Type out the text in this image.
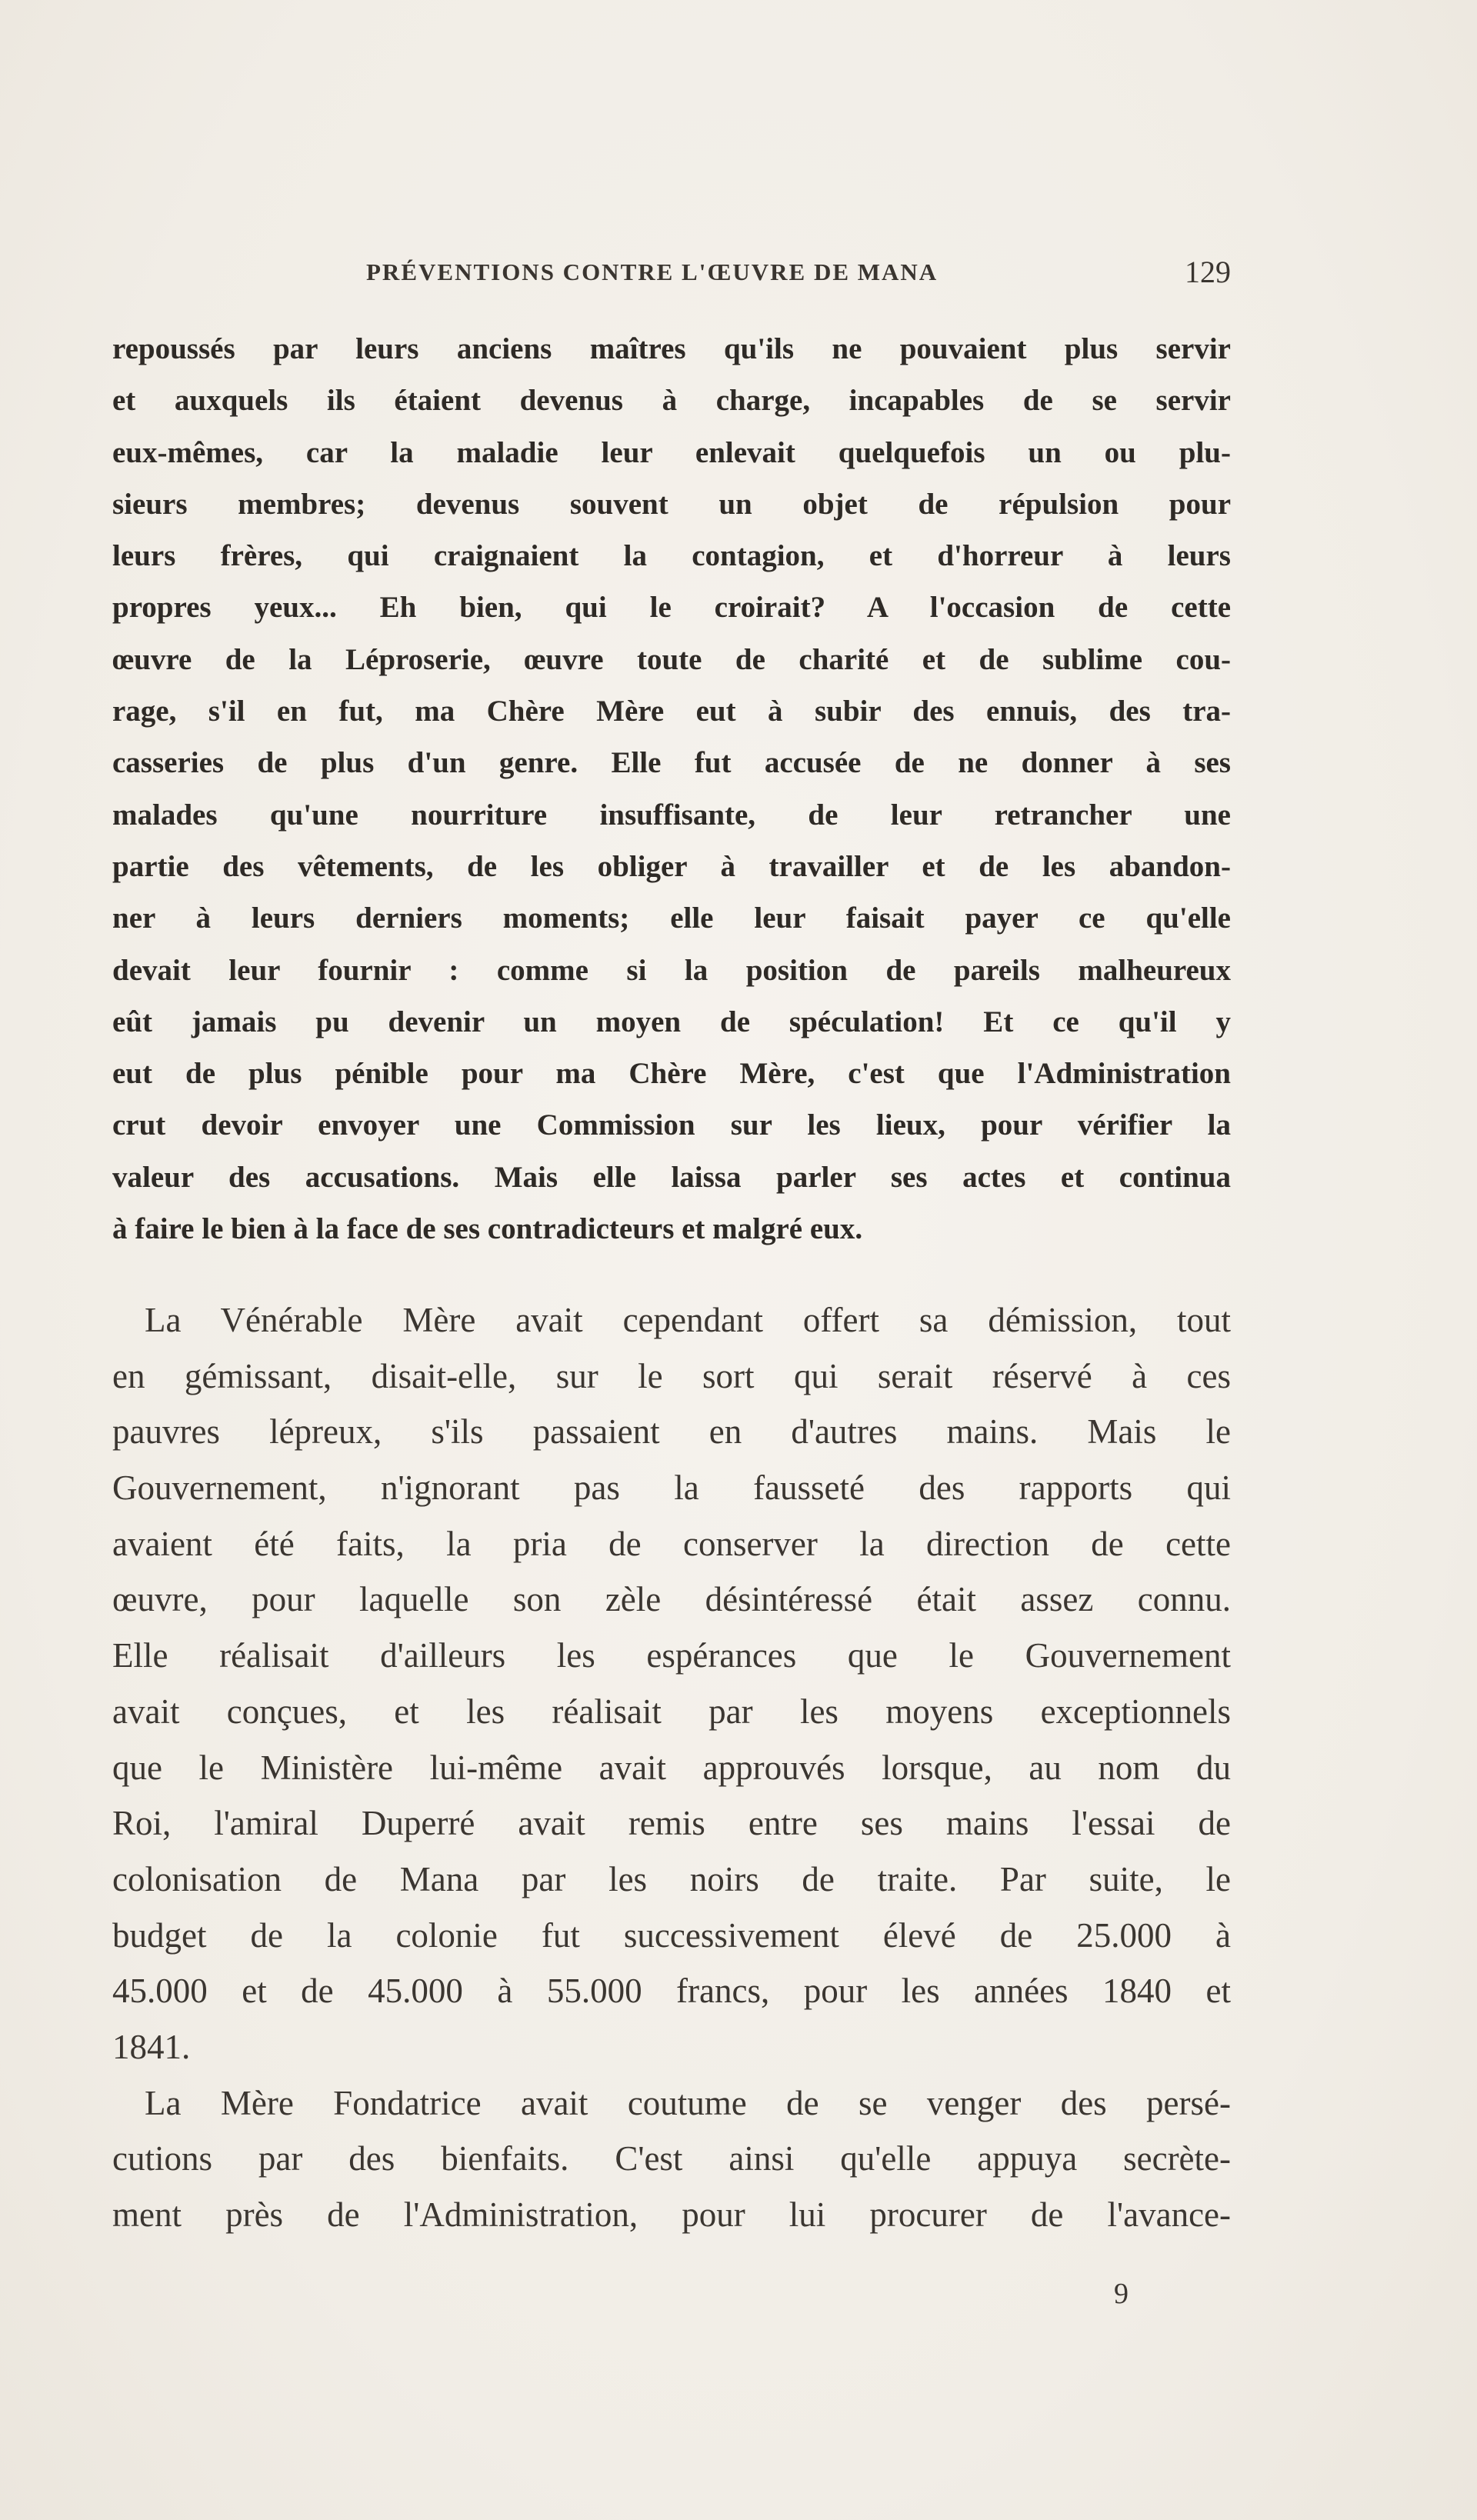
PRÉVENTIONS CONTRE L'ŒUVRE DE MANA	129
repoussés par leurs anciens maîtres qu'ils ne pouvaient plus servir
et auxquels ils étaient devenus à charge, incapables de se servir
eux-mêmes, car la maladie leur enlevait quelquefois un ou plu-
sieurs membres; devenus souvent un objet de répulsion pour
leurs frères, qui craignaient la contagion, et d'horreur à leurs
propres yeux... Eh bien, qui le croirait? A l'occasion de cette
œuvre de la Léproserie, œuvre toute de charité et de sublime cou-
rage, s'il en fut, ma Chère Mère eut à subir des ennuis, des tra-
casseries de plus d'un genre. Elle fut accusée de ne donner à ses
malades qu'une nourriture insuffisante, de leur retrancher une
partie des vêtements, de les obliger à travailler et de les abandon-
ner à leurs derniers moments; elle leur faisait payer ce qu'elle
devait leur fournir : comme si la position de pareils malheureux
eût jamais pu devenir un moyen de spéculation! Et ce qu'il y
eut de plus pénible pour ma Chère Mère, c'est que l'Administration
crut devoir envoyer une Commission sur les lieux, pour vérifier la
valeur des accusations. Mais elle laissa parler ses actes et continua
à faire le bien à la face de ses contradicteurs et malgré eux.
La Vénérable Mère avait cependant offert sa démission, tout
en gémissant, disait-elle, sur le sort qui serait réservé à ces
pauvres lépreux, s'ils passaient en d'autres mains. Mais le
Gouvernement, n'ignorant pas la fausseté des rapports qui
avaient été faits, la pria de conserver la direction de cette
œuvre, pour laquelle son zèle désintéressé était assez connu.
Elle réalisait d'ailleurs les espérances que le Gouvernement
avait conçues, et les réalisait par les moyens exceptionnels
que le Ministère lui-même avait approuvés lorsque, au nom du
Roi, l'amiral Duperré avait remis entre ses mains l'essai de
colonisation de Mana par les noirs de traite. Par suite, le
budget de la colonie fut successivement élevé de 25.000 à
45.000 et de 45.000 à 55.000 francs, pour les années 1840 et
1841.
La Mère Fondatrice avait coutume de se venger des persé-
cutions par des bienfaits. C'est ainsi qu'elle appuya secrète-
ment près de l'Administration, pour lui procurer de l'avance-
9
